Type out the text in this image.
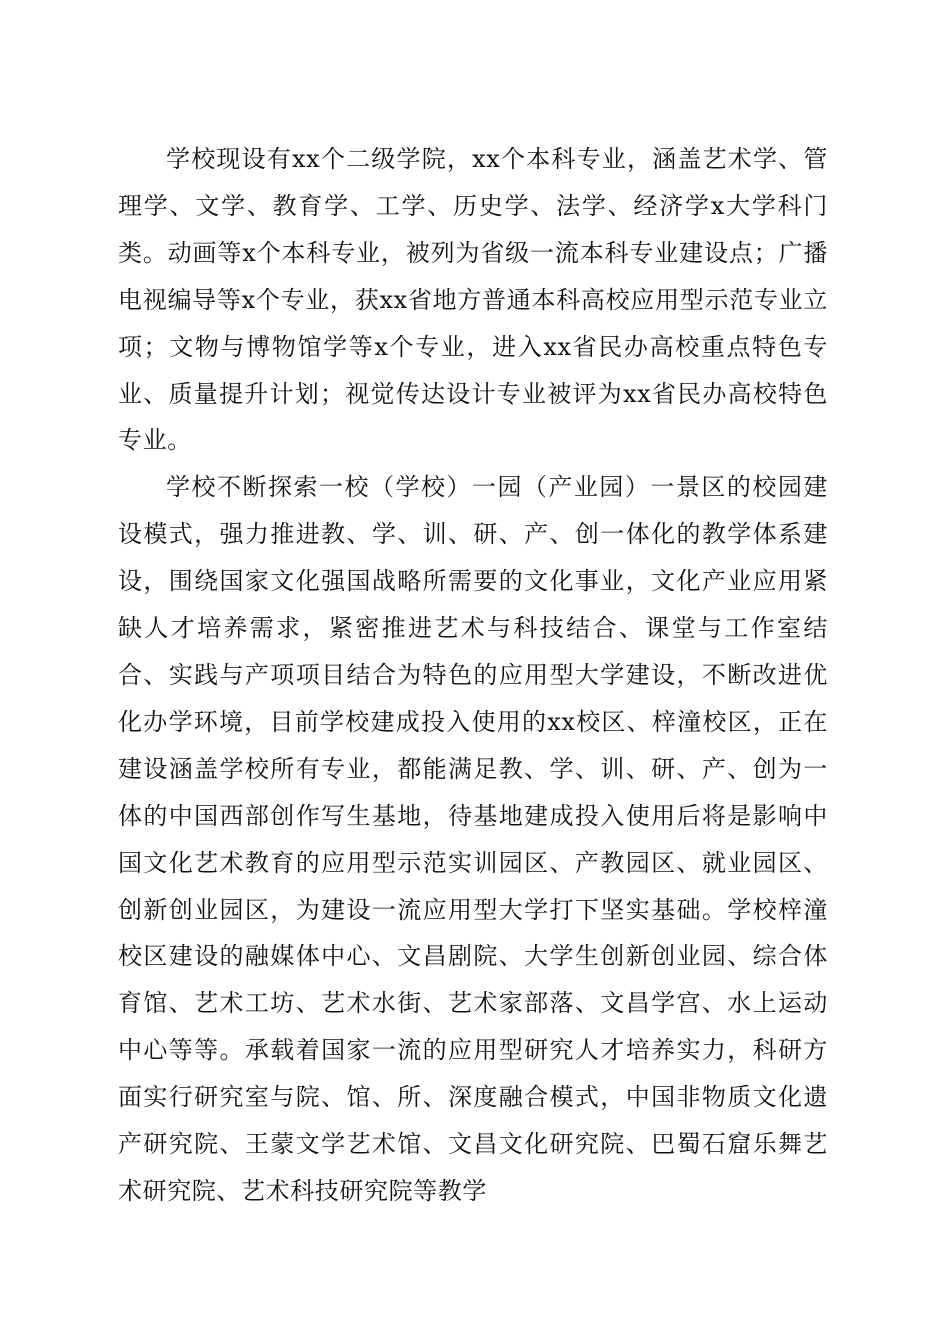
学校现设有xx个二级学院，xx个本科专业，涵盖艺术学、管理学、文学、教育学、工学、历史学、法学、经济学x大学科门类。动画等x个本科专业，被列为省级一流本科专业建设点；广播电视编导等x个专业，获xx省地方普通本科高校应用型示范专业立项；文物与博物馆学等x个专业，进入xx省民办高校重点特色专业、质量提升计划；视觉传达设计专业被评为xx省民办高校特色专业。

学校不断探索一校（学校）一园（产业园）一景区的校园建设模式，强力推进教、学、训、研、产、创一体化的教学体系建设，围绕国家文化强国战略所需要的文化事业，文化产业应用紧缺人才培养需求，紧密推进艺术与科技结合、课堂与工作室结合、实践与产项项目结合为特色的应用型大学建设，不断改进优化办学环境，目前学校建成投入使用的xx校区、梓潼校区，正在建设涵盖学校所有专业，都能满足教、学、训、研、产、创为一体的中国西部创作写生基地，待基地建成投入使用后将是影响中国文化艺术教育的应用型示范实训园区、产教园区、就业园区、创新创业园区，为建设一流应用型大学打下坚实基础。学校梓潼校区建设的融媒体中心、文昌剧院、大学生创新创业园、综合体育馆、艺术工坊、艺术水街、艺术家部落、文昌学宫、水上运动中心等等。承载着国家一流的应用型研究人才培养实力，科研方面实行研究室与院、馆、所、深度融合模式，中国非物质文化遗产研究院、王蒙文学艺术馆、文昌文化研究院、巴蜀石窟乐舞艺术研究院、艺术科技研究院等教学
